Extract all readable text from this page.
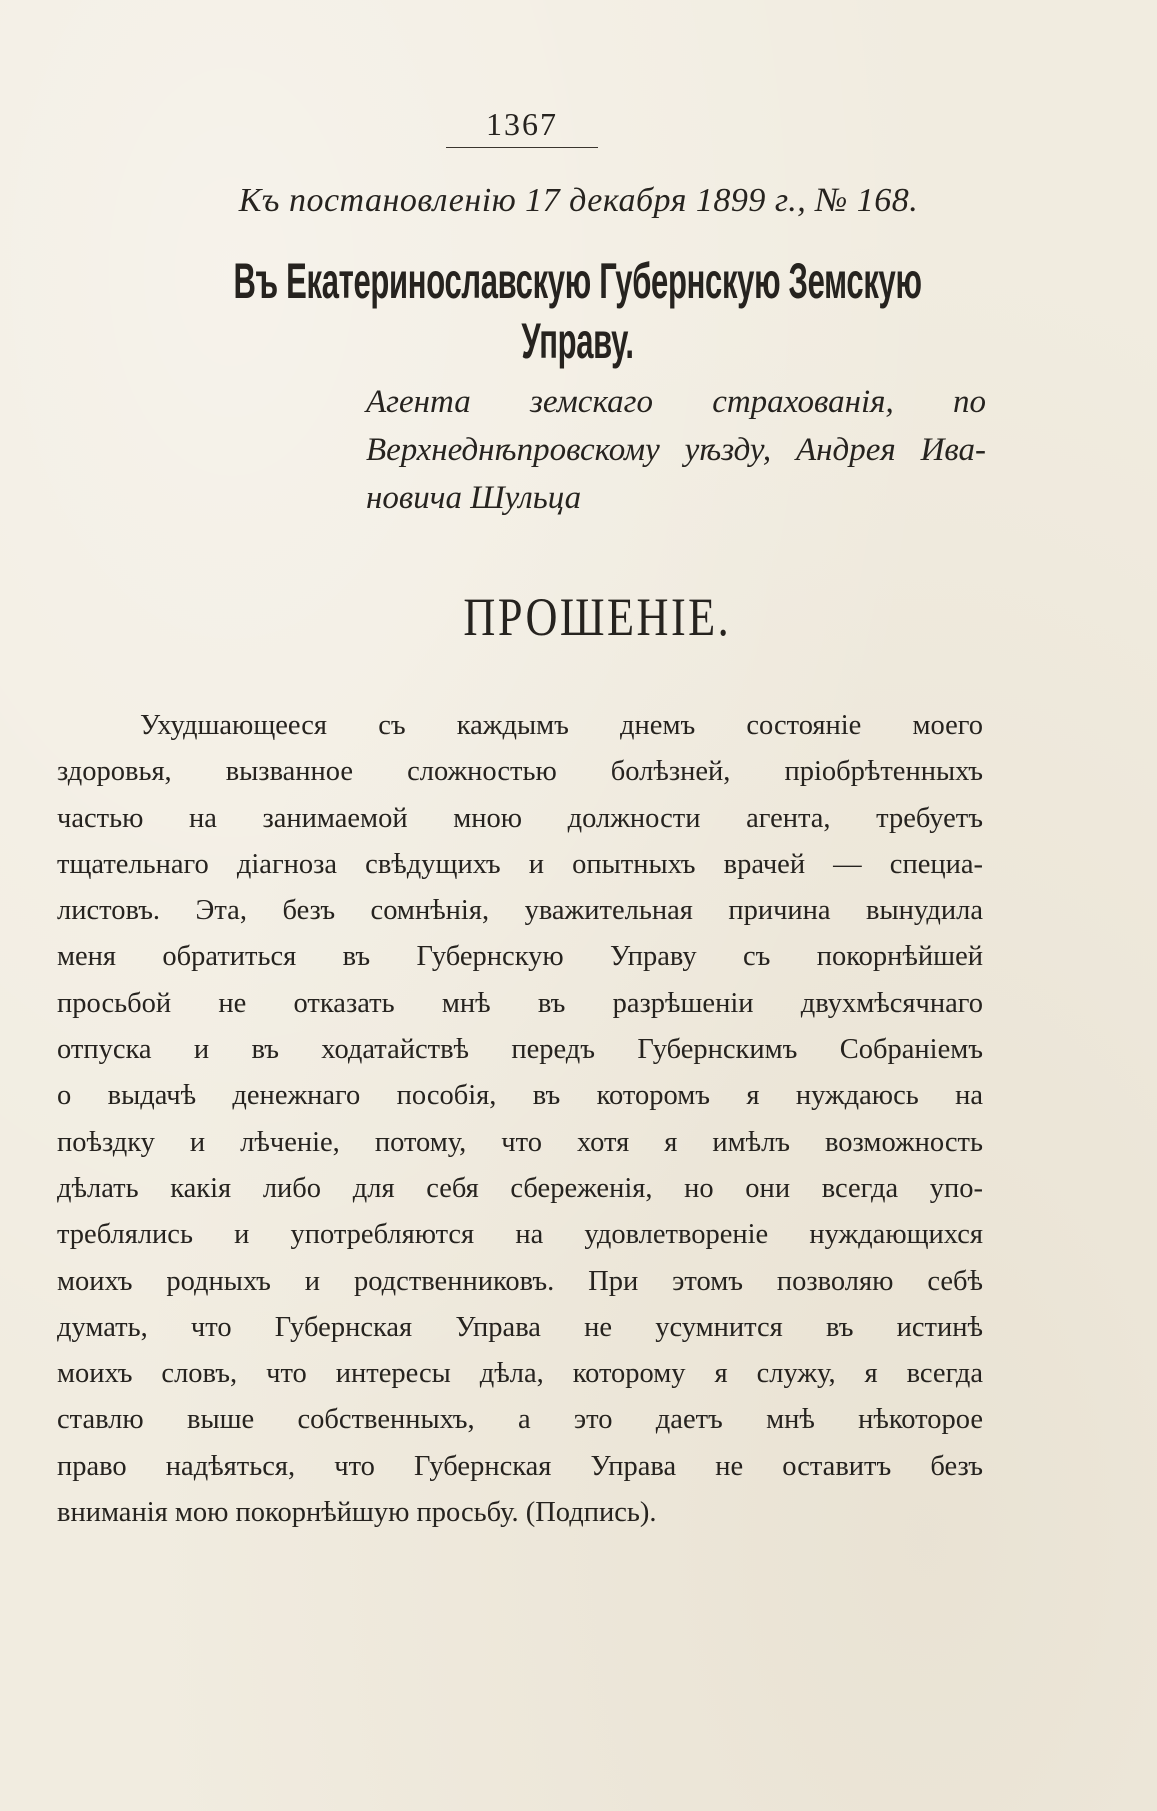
1367
Къ постановленію 17 декабря 1899 г., № 168.
Въ Екатеринославскую Губернскую Земскую Управу.
Агента земскаго страхованія, по
Верхнеднѣпровскому уѣзду, Андрея Ива-
новича Шульца
ПРОШЕНІЕ.
Ухудшающееся съ каждымъ днемъ состояніе моего
здоровья, вызванное сложностью болѣзней, пріобрѣтенныхъ
частью на занимаемой мною должности агента, требуетъ
тщательнаго діагноза свѣдущихъ и опытныхъ врачей — специа-
листовъ. Эта, безъ сомнѣнія, уважительная причина вынудила
меня обратиться въ Губернскую Управу съ покорнѣйшей
просьбой не отказать мнѣ въ разрѣшеніи двухмѣсячнаго
отпуска и въ ходатайствѣ передъ Губернскимъ Собраніемъ
о выдачѣ денежнаго пособія, въ которомъ я нуждаюсь на
поѣздку и лѣченіе, потому, что хотя я имѣлъ возможность
дѣлать какія либо для себя сбереженія, но они всегда упо-
треблялись и употребляются на удовлетвореніе нуждающихся
моихъ родныхъ и родственниковъ. При этомъ позволяю себѣ
думать, что Губернская Управа не усумнится въ истинѣ
моихъ словъ, что интересы дѣла, которому я служу, я всегда
ставлю выше собственныхъ, а это даетъ мнѣ нѣкоторое
право надѣяться, что Губернская Управа не оставитъ безъ
вниманія мою покорнѣйшую просьбу. (Подпись).
